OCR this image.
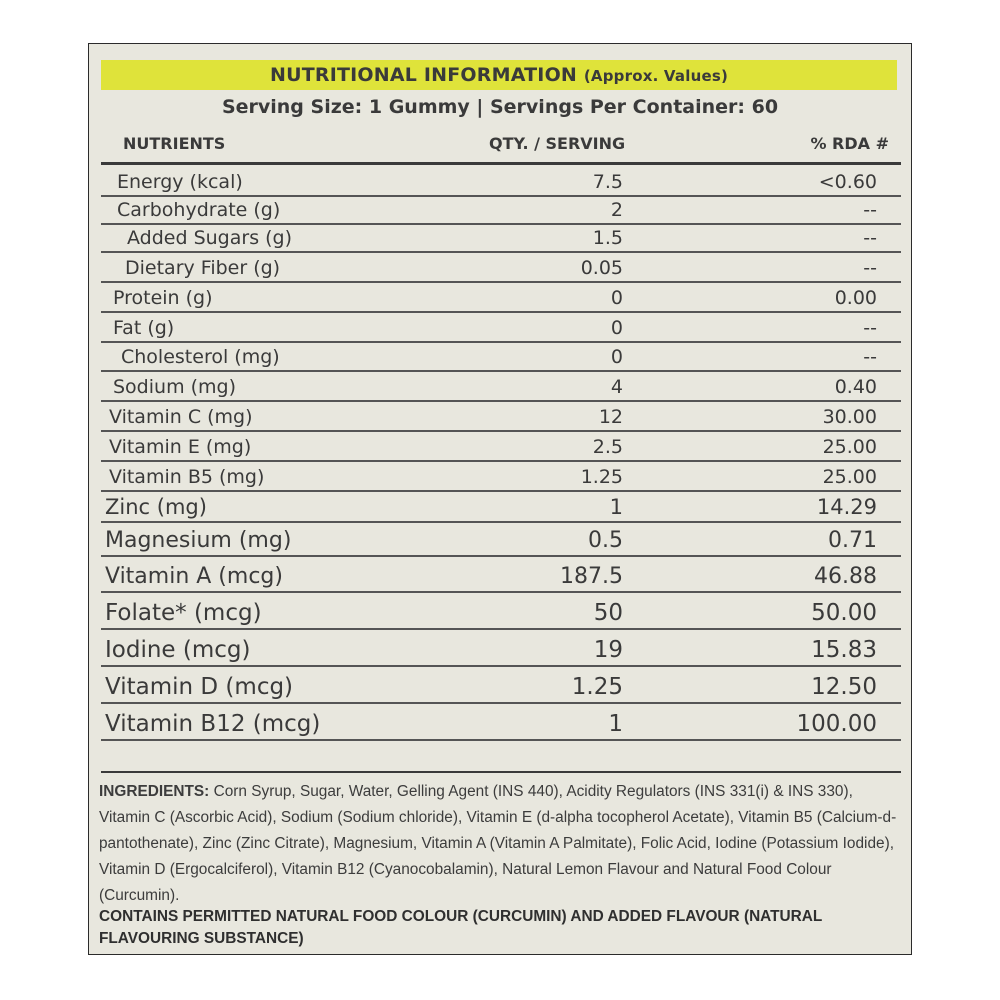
NUTRITIONAL INFORMATION (Approx. Values)
Serving Size: 1 Gummy | Servings Per Container: 60
NUTRIENTS	QTY. / SERVING	% RDA #
Energy (kcal)	7.5	<0.60
Carbohydrate (g)	2	--
Added Sugars (g)	1.5	--
Dietary Fiber (g)	0.05	--
Protein (g)	0	0.00
Fat (g)	0	--
Cholesterol (mg)	0	--
Sodium (mg)	4	0.40
Vitamin C (mg)	12	30.00
Vitamin E (mg)	2.5	25.00
Vitamin B5 (mg)	1.25	25.00
Zinc (mg)	1	14.29
Magnesium (mg)	0.5	0.71
Vitamin A (mcg)	187.5	46.88
Folate* (mcg)	50	50.00
Iodine (mcg)	19	15.83
Vitamin D (mcg)	1.25	12.50
Vitamin B12 (mcg)	1	100.00
INGREDIENTS: Corn Syrup, Sugar, Water, Gelling Agent (INS 440), Acidity Regulators (INS 331(i) & INS 330), Vitamin C (Ascorbic Acid), Sodium (Sodium chloride), Vitamin E (d-alpha tocopherol Acetate), Vitamin B5 (Calcium-d-pantothenate), Zinc (Zinc Citrate), Magnesium, Vitamin A (Vitamin A Palmitate), Folic Acid, Iodine (Potassium Iodide), Vitamin D (Ergocalciferol), Vitamin B12 (Cyanocobalamin), Natural Lemon Flavour and Natural Food Colour (Curcumin).
CONTAINS PERMITTED NATURAL FOOD COLOUR (CURCUMIN) AND ADDED FLAVOUR (NATURAL FLAVOURING SUBSTANCE)
